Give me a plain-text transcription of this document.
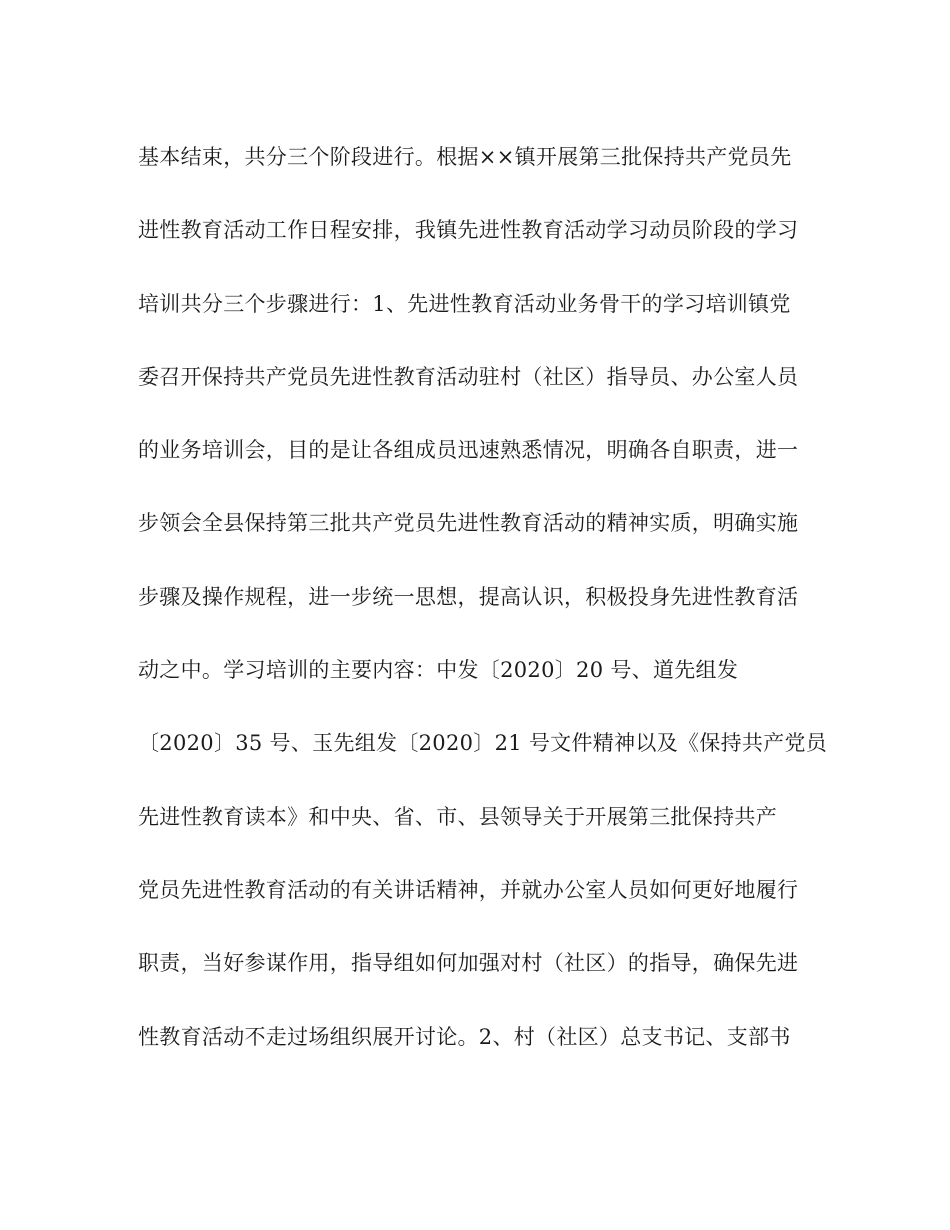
基本结束，共分三个阶段进行。根据××镇开展第三批保持共产党员先
进性教育活动工作日程安排，我镇先进性教育活动学习动员阶段的学习
培训共分三个步骤进行：1、先进性教育活动业务骨干的学习培训镇党
委召开保持共产党员先进性教育活动驻村（社区）指导员、办公室人员
的业务培训会，目的是让各组成员迅速熟悉情况，明确各自职责，进一
步领会全县保持第三批共产党员先进性教育活动的精神实质，明确实施
步骤及操作规程，进一步统一思想，提高认识，积极投身先进性教育活
动之中。学习培训的主要内容：中发〔2020〕20 号、道先组发
〔2020〕35 号、玉先组发〔2020〕21 号文件精神以及《保持共产党员
先进性教育读本》和中央、省、市、县领导关于开展第三批保持共产
党员先进性教育活动的有关讲话精神，并就办公室人员如何更好地履行
职责，当好参谋作用，指导组如何加强对村（社区）的指导，确保先进
性教育活动不走过场组织展开讨论。2、村（社区）总支书记、支部书
